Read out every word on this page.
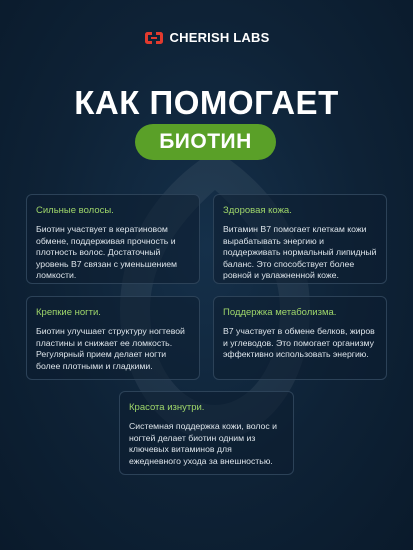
CHERISH LABS
КАК ПОМОГАЕТ
БИОТИН
Сильные волосы.
Биотин участвует в кератиновом обмене, поддерживая прочность и плотность волос. Достаточный уровень B7 связан с уменьшением ломкости.
Здоровая кожа.
Витамин B7 помогает клеткам кожи вырабатывать энергию и поддерживать нормальный липидный баланс. Это способствует более ровной и увлажненной коже.
Крепкие ногти.
Биотин улучшает структуру ногтевой пластины и снижает ее ломкость. Регулярный прием делает ногти более плотными и гладкими.
Поддержка метаболизма.
B7 участвует в обмене белков, жиров и углеводов. Это помогает организму эффективно использовать энергию.
Красота изнутри.
Системная поддержка кожи, волос и ногтей делает биотин одним из ключевых витаминов для ежедневного ухода за внешностью.
